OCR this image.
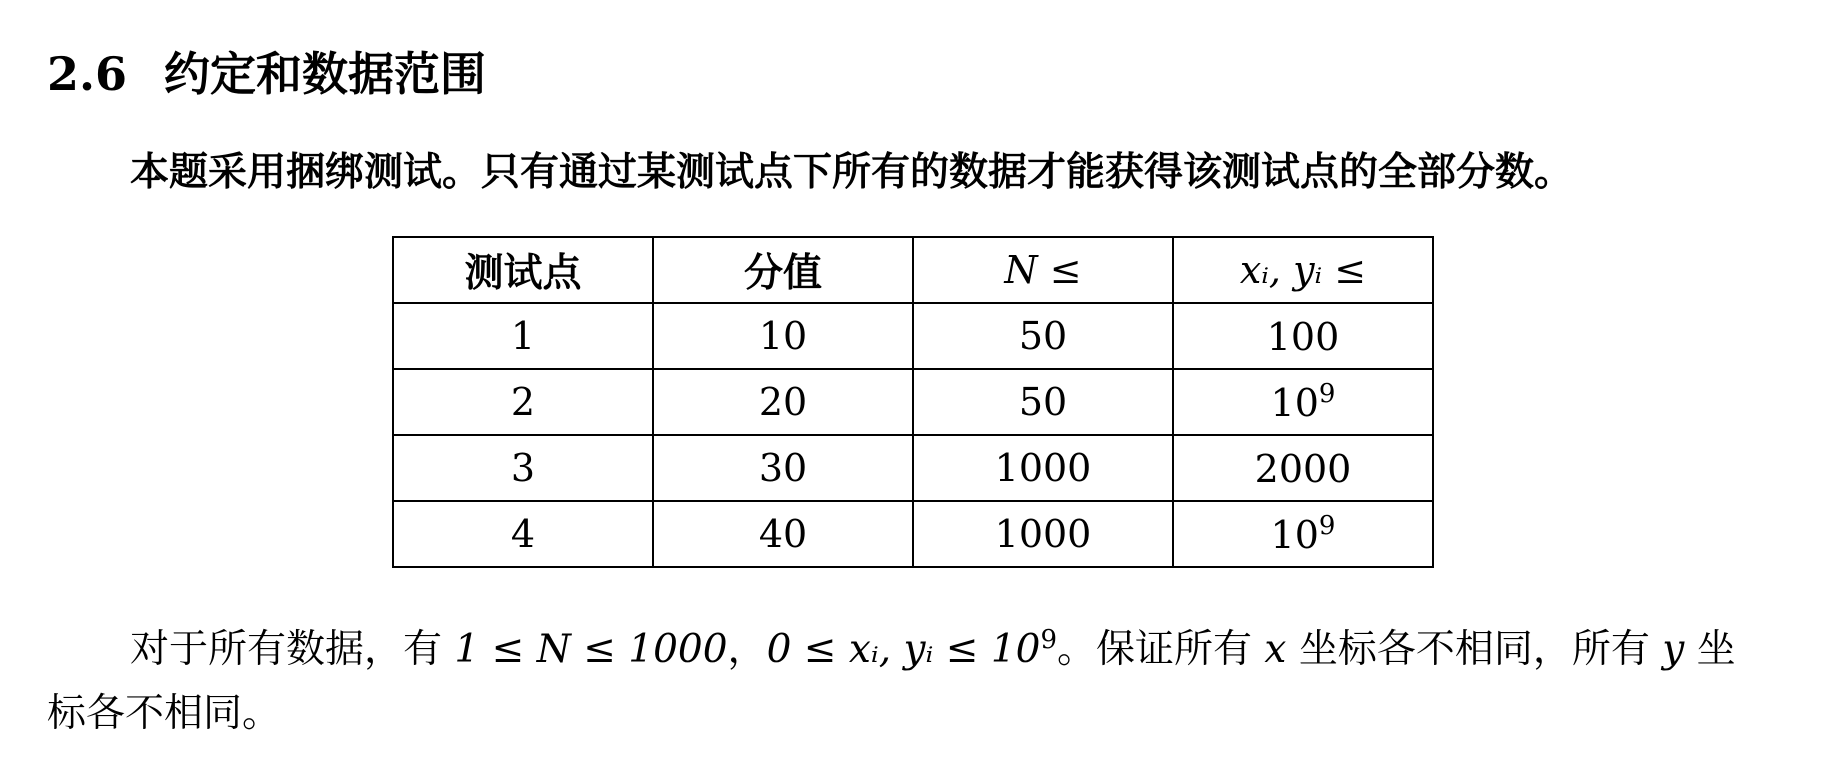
2.6 约定和数据范围
本题采用捆绑测试。只有通过某测试点下所有的数据才能获得该测试点的全部分数。
测试点	分值	N ≤	xᵢ, yᵢ ≤
1	10	50	100
2	20	50	$10^9$
3	30	1000	2000
4	40	1000	$10^9$
对于所有数据，有 1 ≤ N ≤ 1000，0 ≤ xᵢ, yᵢ ≤ $10^9$。保证所有 x 坐标各不相同，所有 y 坐
标各不相同。
